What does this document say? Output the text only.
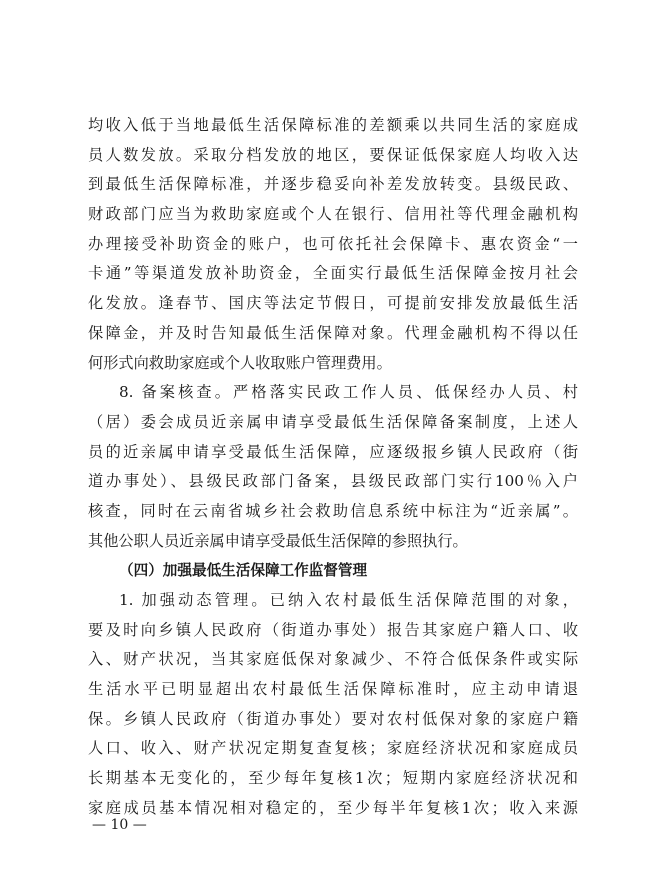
均收入低于当地最低生活保障标准的差额乘以共同生活的家庭成
员人数发放。采取分档发放的地区，要保证低保家庭人均收入达
到最低生活保障标准，并逐步稳妥向补差发放转变。县级民政、
财政部门应当为救助家庭或个人在银行、信用社等代理金融机构
办理接受补助资金的账户，也可依托社会保障卡、惠农资金“一
卡通”等渠道发放补助资金，全面实行最低生活保障金按月社会
化发放。逢春节、国庆等法定节假日，可提前安排发放最低生活
保障金，并及时告知最低生活保障对象。代理金融机构不得以任
何形式向救助家庭或个人收取账户管理费用。
8. 备案核查。严格落实民政工作人员、低保经办人员、村
（居）委会成员近亲属申请享受最低生活保障备案制度，上述人
员的近亲属申请享受最低生活保障，应逐级报乡镇人民政府（街
道办事处）、县级民政部门备案，县级民政部门实行100％入户
核查，同时在云南省城乡社会救助信息系统中标注为“近亲属”。
其他公职人员近亲属申请享受最低生活保障的参照执行。
（四）加强最低生活保障工作监督管理
1. 加强动态管理。已纳入农村最低生活保障范围的对象，
要及时向乡镇人民政府（街道办事处）报告其家庭户籍人口、收
入、财产状况，当其家庭低保对象减少、不符合低保条件或实际
生活水平已明显超出农村最低生活保障标准时，应主动申请退
保。乡镇人民政府（街道办事处）要对农村低保对象的家庭户籍
人口、收入、财产状况定期复查复核；家庭经济状况和家庭成员
长期基本无变化的，至少每年复核1次；短期内家庭经济状况和
家庭成员基本情况相对稳定的，至少每半年复核1次；收入来源
— 10 —
